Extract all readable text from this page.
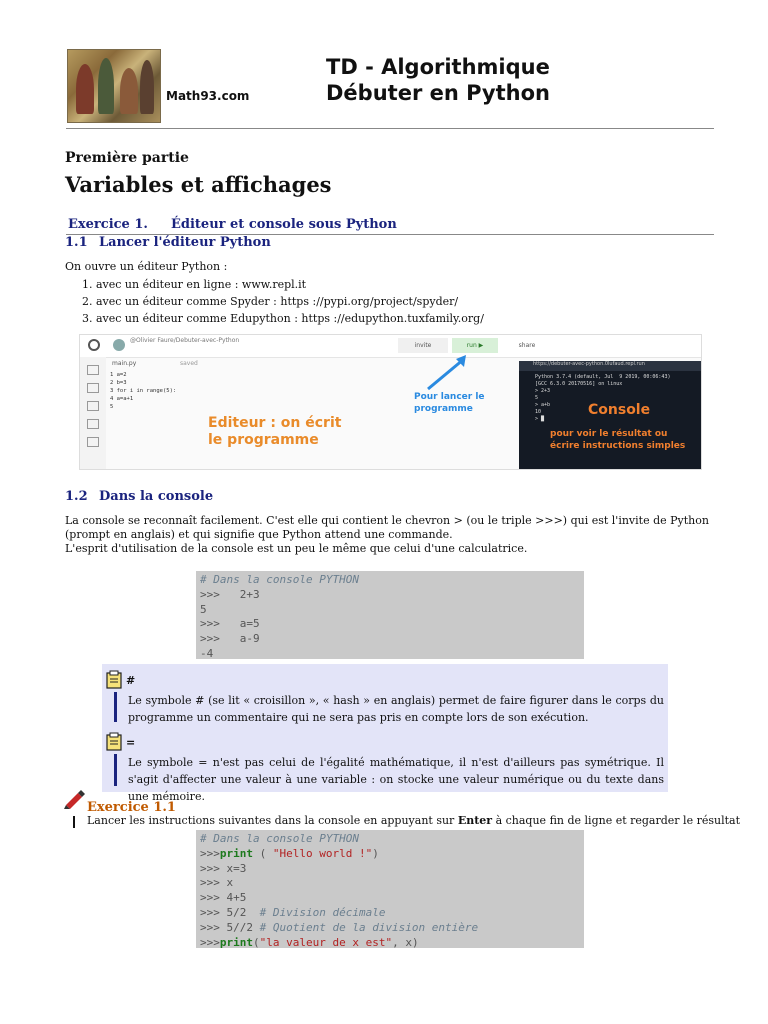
Math93.com
TD - Algorithmique
Débuter en Python
Première partie
Variables et affichages
Exercice 1. Éditeur et console sous Python
1.1 Lancer l'éditeur Python
On ouvre un éditeur Python :
1. avec un éditeur en ligne : www.repl.it
2. avec un éditeur comme Spyder : https ://pypi.org/project/spyder/
3. avec un éditeur comme Edupython : https ://edupython.tuxfamily.org/
@Olivier Faure/Debuter-avec-Python
invite	run ▶	share
main.py	saved
1 a=2
2 b=3
3 for i in range(5):
4 a=a+1
5
Editeur : on écrit
le programme
Pour lancer le
programme
https://debuter-avec-python.0lufaud.repl.run
Python 3.7.4 (default, Jul  9 2019, 00:06:43)
[GCC 6.3.0 20170516] on linux
> 2+3
5
> a+b
10
> █
Console
pour voir le résultat ou
écrire instructions simples
1.2 Dans la console
La console se reconnaît facilement. C'est elle qui contient le chevron > (ou le triple >>>) qui est l'invite de Python (prompt en anglais) et qui signifie que Python attend une commande.
L'esprit d'utilisation de la console est un peu le même que celui d'une calculatrice.
# Dans la console PYTHON
>>>   2+3
5
>>>   a=5
>>>   a-9
-4
#
Le symbole # (se lit « croisillon », « hash » en anglais) permet de faire figurer dans le corps du programme un commentaire qui ne sera pas pris en compte lors de son exécution.
=
Le symbole = n'est pas celui de l'égalité mathématique, il n'est d'ailleurs pas symétrique. Il s'agit d'affecter une valeur à une variable : on stocke une valeur numérique ou du texte dans une mémoire.
Exercice 1.1
Lancer les instructions suivantes dans la console en appuyant sur Enter à chaque fin de ligne et regarder le résultat
# Dans la console PYTHON
>>>print ( "Hello world !")
>>> x=3
>>> x
>>> 4+5
>>> 5/2  # Division décimale
>>> 5//2 # Quotient de la division entière
>>>print("la valeur de x est", x)
